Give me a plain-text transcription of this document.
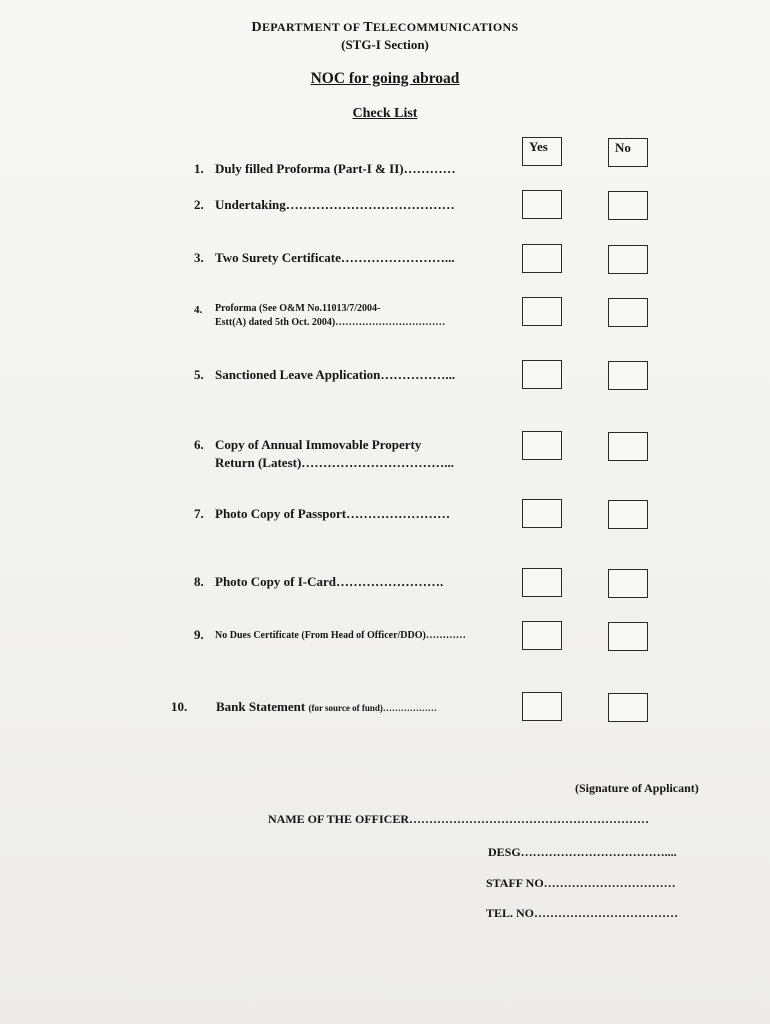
DEPARTMENT OF TELECOMMUNICATIONS
(STG-I Section)
NOC for going abroad
Check List
Yes	No
1. Duly filled Proforma (Part-I & II)…………
2. Undertaking…………………………………
3. Two Surety Certificate……………………...
4. Proforma (See O&M No.11013/7/2004-
Estt(A) dated 5th Oct. 2004)……………………………
5. Sanctioned Leave Application……………...
6. Copy of Annual Immovable Property
Return (Latest)……………………………...
7. Photo Copy of Passport……………………
8. Photo Copy of I-Card…………………….
9. No Dues Certificate (From Head of Officer/DDO)…………
10. Bank Statement (for source of fund)………………
(Signature of Applicant)
NAME OF THE OFFICER……………………………………………………
DESG………………………………....
STAFF NO……………………………
TEL. NO………………………………
